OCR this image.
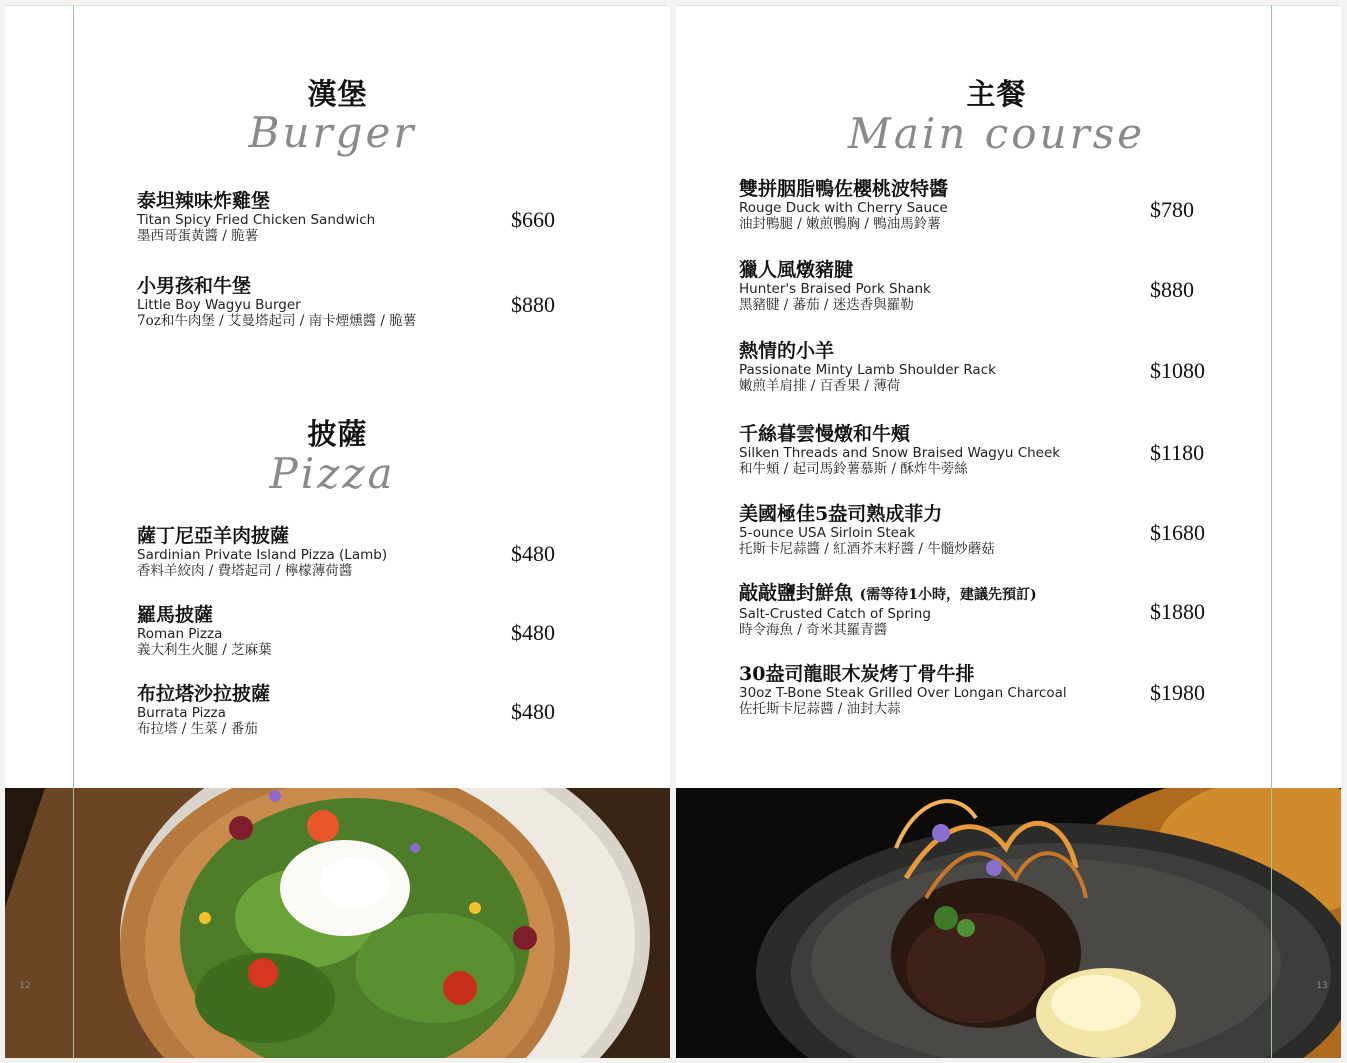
漢堡
Burger
泰坦辣味炸雞堡
Titan Spicy Fried Chicken Sandwich
墨西哥蛋黃醬 / 脆薯
$660
小男孩和牛堡
Little Boy Wagyu Burger
7oz和牛肉堡 / 艾曼塔起司 / 南卡煙燻醬 / 脆薯
$880
披薩
Pizza
薩丁尼亞羊肉披薩
Sardinian Private Island Pizza (Lamb)
香料羊絞肉 / 費塔起司 / 檸檬薄荷醬
$480
羅馬披薩
Roman Pizza
義大利生火腿 / 芝麻葉
$480
布拉塔沙拉披薩
Burrata Pizza
布拉塔 / 生菜 / 番茄
$480
12
主餐
Main course
雙拼胭脂鴨佐櫻桃波特醬
Rouge Duck with Cherry Sauce
油封鴨腿 / 嫩煎鴨胸 / 鴨油馬鈴薯
$780
獵人風燉豬腱
Hunter's Braised Pork Shank
黑豬腱 / 蕃茄 / 迷迭香與羅勒
$880
熱情的小羊
Passionate Minty Lamb Shoulder Rack
嫩煎羊肩排 / 百香果 / 薄荷
$1080
千絲暮雲慢燉和牛頰
Silken Threads and Snow Braised Wagyu Cheek
和牛頰 / 起司馬鈴薯慕斯 / 酥炸牛蒡絲
$1180
美國極佳5盎司熟成菲力
5-ounce USA Sirloin Steak
托斯卡尼蒜醬 / 紅酒芥末籽醬 / 牛髓炒蘑菇
$1680
敲敲鹽封鮮魚 (需等待1小時，建議先預訂)
Salt-Crusted Catch of Spring
時令海魚 / 奇米其羅青醬
$1880
30盎司龍眼木炭烤丁骨牛排
30oz T-Bone Steak Grilled Over Longan Charcoal
佐托斯卡尼蒜醬 / 油封大蒜
$1980
13
